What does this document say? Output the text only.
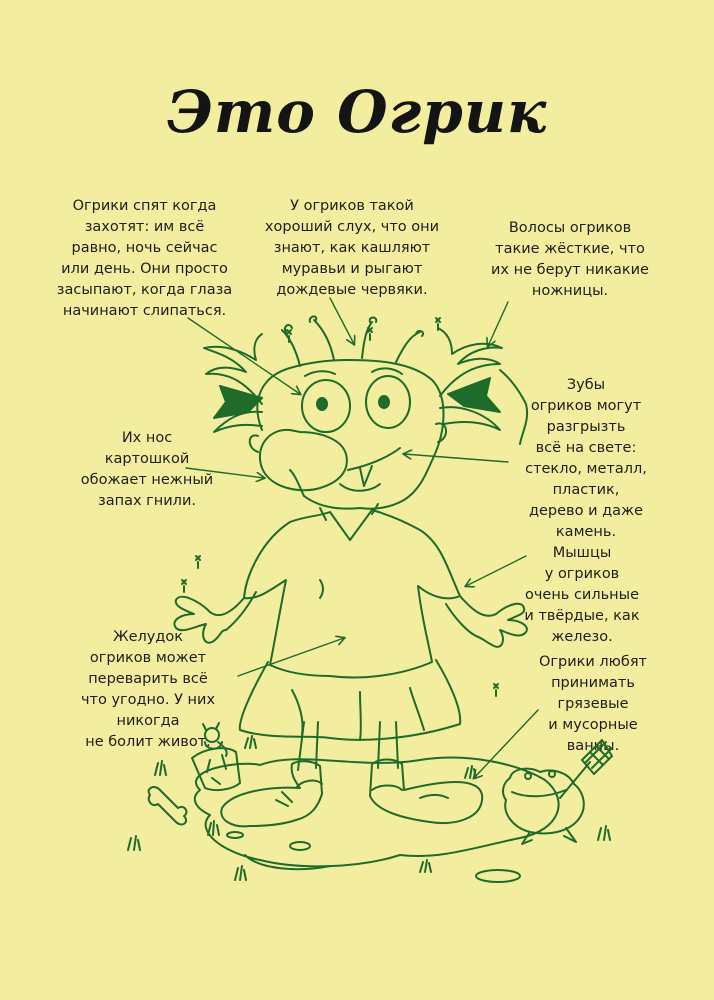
Это Огрик
Огрики спят когда
захотят: им всё
равно, ночь сейчас
или день. Они просто
засыпают, когда глаза
начинают слипаться.
У огриков такой
хороший слух, что они
знают, как кашляют
муравьи и рыгают
дождевые червяки.
Волосы огриков
такие жёсткие, что
их не берут никакие
ножницы.
Зубы
огриков могут
разгрызть
всё на свете:
стекло, металл,
пластик,
дерево и даже
камень.
Их нос
картошкой
обожает нежный
запах гнили.
Мышцы
у огриков
очень сильные
и твёрдые, как
железо.
Желудок
огриков может
переварить всё
что угодно. У них
никогда
не болит живот.
Огрики любят
принимать
грязевые
и мусорные
ванны.
